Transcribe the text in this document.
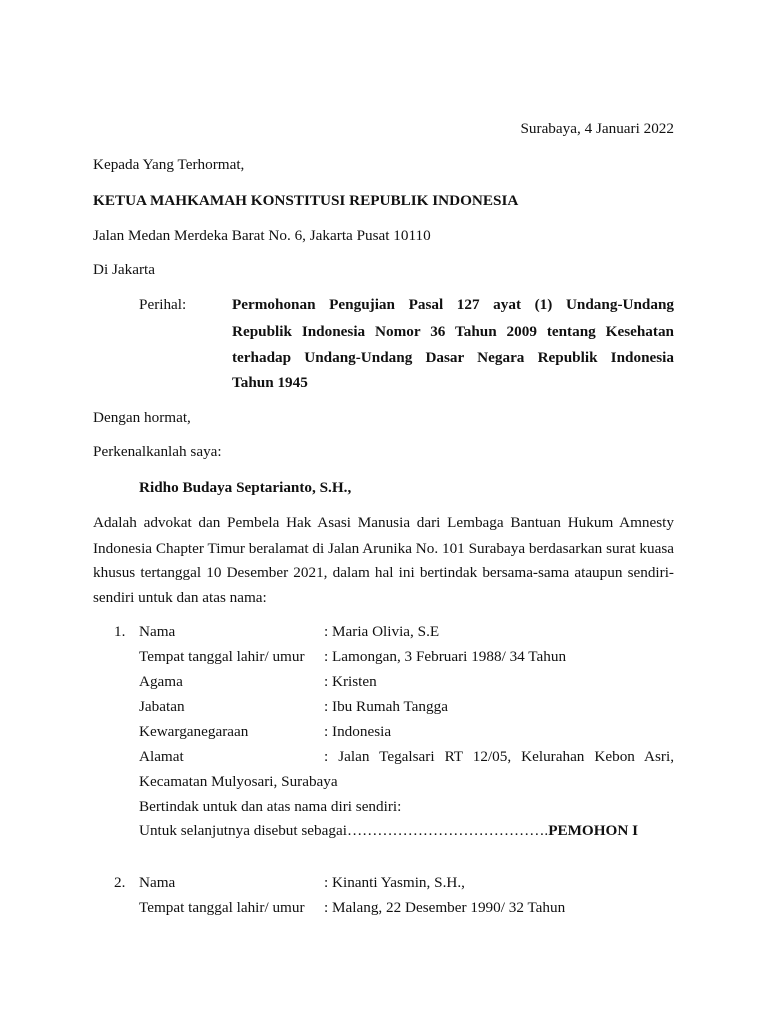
Surabaya, 4 Januari 2022
Kepada Yang Terhormat,
KETUA MAHKAMAH KONSTITUSI REPUBLIK INDONESIA
Jalan Medan Merdeka Barat No. 6, Jakarta Pusat 10110
Di Jakarta
Perihal:	Permohonan Pengujian Pasal 127 ayat (1) Undang-Undang
Republik Indonesia Nomor 36 Tahun 2009 tentang Kesehatan
terhadap Undang-Undang Dasar Negara Republik Indonesia
Tahun 1945
Dengan hormat,
Perkenalkanlah saya:
Ridho Budaya Septarianto, S.H.,
Adalah advokat dan Pembela Hak Asasi Manusia dari Lembaga Bantuan Hukum Amnesty
Indonesia Chapter Timur beralamat di Jalan Arunika No. 101 Surabaya berdasarkan surat kuasa
khusus tertanggal 10 Desember 2021, dalam hal ini bertindak bersama-sama ataupun sendiri-
sendiri untuk dan atas nama:
1. Nama	: Maria Olivia, S.E
Tempat tanggal lahir/ umur : Lamongan, 3 Februari 1988/ 34 Tahun
Agama	: Kristen
Jabatan	: Ibu Rumah Tangga
Kewarganegaraan	: Indonesia
Alamat	: Jalan Tegalsari RT 12/05, Kelurahan Kebon Asri,
Kecamatan Mulyosari, Surabaya
Bertindak untuk dan atas nama diri sendiri:
Untuk selanjutnya disebut sebagai………………………………….PEMOHON I
2. Nama	: Kinanti Yasmin, S.H.,
Tempat tanggal lahir/ umur : Malang, 22 Desember 1990/ 32 Tahun
